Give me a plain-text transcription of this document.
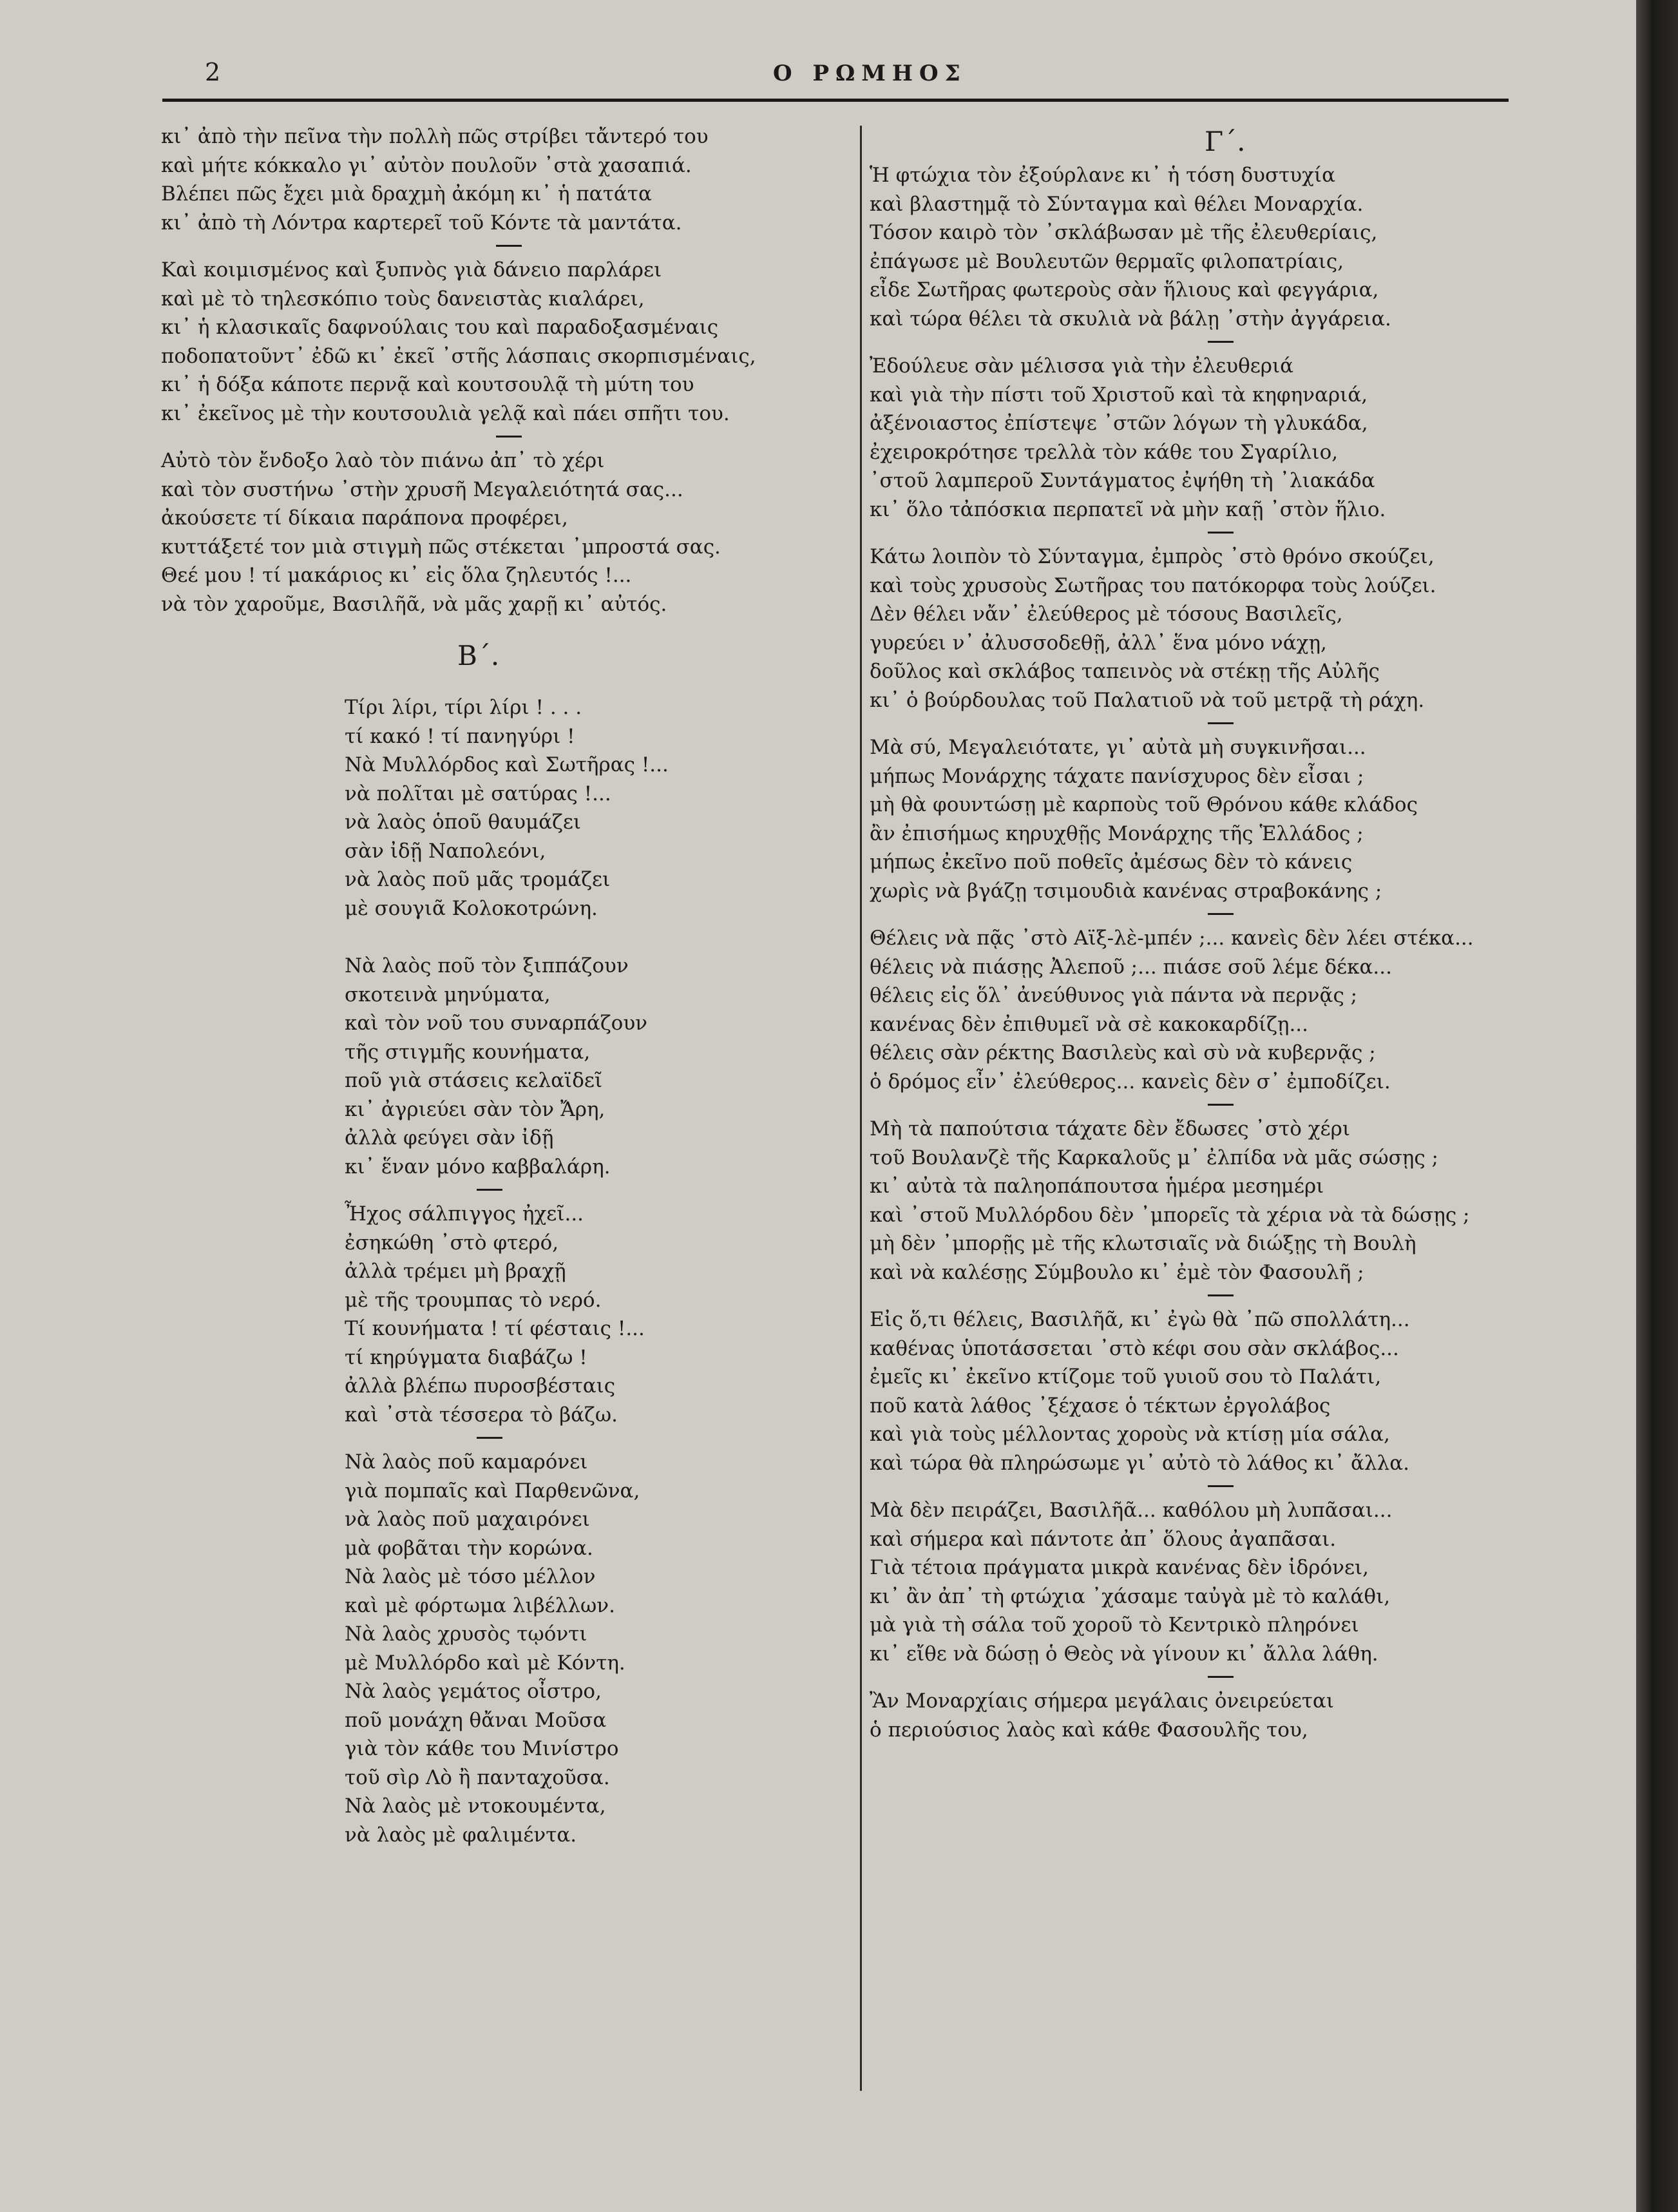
2	Ο ΡΩΜΗΟΣ
κι᾿ ἀπὸ τὴν πεῖνα τὴν πολλὴ πῶς στρίβει τἄντερό του
καὶ μήτε κόκκαλο γι᾿ αὐτὸν πουλοῦν ᾿στὰ χασαπιά.
Βλέπει πῶς ἔχει μιὰ δραχμὴ ἀκόμη κι᾿ ἡ πατάτα
κι᾿ ἀπὸ τὴ Λόντρα καρτερεῖ τοῦ Κόντε τὰ μαντάτα.
Καὶ κοιμισμένος καὶ ξυπνὸς γιὰ δάνειο παρλάρει
καὶ μὲ τὸ τηλεσκόπιο τοὺς δανειστὰς κιαλάρει,
κι᾿ ἡ κλασικαῖς δαφνούλαις του καὶ παραδοξασμέναις
ποδοπατοῦντ᾿ ἐδῶ κι᾿ ἐκεῖ ᾿στῆς λάσπαις σκορπισμέναις,
κι᾿ ἡ δόξα κάποτε περνᾷ καὶ κουτσουλᾷ τὴ μύτη του
κι᾿ ἐκεῖνος μὲ τὴν κουτσουλιὰ γελᾷ καὶ πάει σπῆτι του.
Αὐτὸ τὸν ἔνδοξο λαὸ τὸν πιάνω ἀπ᾿ τὸ χέρι
καὶ τὸν συστήνω ᾿στὴν χρυσῆ Μεγαλειότητά σας...
ἀκούσετε τί δίκαια παράπονα προφέρει,
κυττάξετέ τον μιὰ στιγμὴ πῶς στέκεται ᾿μπροστά σας.
Θεέ μου ! τί μακάριος κι᾿ εἰς ὅλα ζηλευτός !...
νὰ τὸν χαροῦμε, Βασιλῆᾶ, νὰ μᾶς χαρῇ κι᾿ αὐτός.
Β΄.
Τίρι λίρι, τίρι λίρι ! . . .
τί κακό ! τί πανηγύρι !
Νὰ Μυλλόρδος καὶ Σωτῆρας !...
νὰ πολῖται μὲ σατύρας !...
νὰ λαὸς ὁποῦ θαυμάζει
σὰν ἰδῇ Ναπολεόνι,
νὰ λαὸς ποῦ μᾶς τρομάζει
μὲ σουγιᾶ Κολοκοτρώνη.
Νὰ λαὸς ποῦ τὸν ξιππάζουν
σκοτεινὰ μηνύματα,
καὶ τὸν νοῦ του συναρπάζουν
τῆς στιγμῆς κουνήματα,
ποῦ γιὰ στάσεις κελαϊδεῖ
κι᾿ ἀγριεύει σὰν τὸν Ἄρη,
ἀλλὰ φεύγει σὰν ἰδῇ
κι᾿ ἕναν μόνο καββαλάρη.
Ἦχος σάλπιγγος ἠχεῖ...
ἐσηκώθη ᾿στὸ φτερό,
ἀλλὰ τρέμει μὴ βραχῇ
μὲ τῆς τρουμπας τὸ νερό.
Τί κουνήματα ! τί φέσταις !...
τί κηρύγματα διαβάζω !
ἀλλὰ βλέπω πυροσβέσταις
καὶ ᾿στὰ τέσσερα τὸ βάζω.
Νὰ λαὸς ποῦ καμαρόνει
γιὰ πομπαῖς καὶ Παρθενῶνα,
νὰ λαὸς ποῦ μαχαιρόνει
μὰ φοβᾶται τὴν κορώνα.
Νὰ λαὸς μὲ τόσο μέλλον
καὶ μὲ φόρτωμα λιβέλλων.
Νὰ λαὸς χρυσὸς τῳόντι
μὲ Μυλλόρδο καὶ μὲ Κόντη.
Νὰ λαὸς γεμάτος οἶστρο,
ποῦ μονάχη θἄναι Μοῦσα
γιὰ τὸν κάθε του Μινίστρο
τοῦ σὶρ Λὸ ἢ πανταχοῦσα.
Νὰ λαὸς μὲ ντοκουμέντα,
νὰ λαὸς μὲ φαλιμέντα.
Γ΄.
Ἡ φτώχια τὸν ἐξούρλανε κι᾿ ἡ τόση δυστυχία
καὶ βλαστημᾷ τὸ Σύνταγμα καὶ θέλει Μοναρχία.
Τόσον καιρὸ τὸν ᾿σκλάβωσαν μὲ τῆς ἐλευθερίαις,
ἐπάγωσε μὲ Βουλευτῶν θερμαῖς φιλοπατρίαις,
εἶδε Σωτῆρας φωτεροὺς σὰν ἥλιους καὶ φεγγάρια,
καὶ τώρα θέλει τὰ σκυλιὰ νὰ βάλῃ ᾿στὴν ἀγγάρεια.
Ἐδούλευε σὰν μέλισσα γιὰ τὴν ἐλευθεριά
καὶ γιὰ τὴν πίστι τοῦ Χριστοῦ καὶ τὰ κηφηναριά,
ἀξένοιαστος ἐπίστεψε ᾿στῶν λόγων τὴ γλυκάδα,
ἐχειροκρότησε τρελλὰ τὸν κάθε του Σγαρίλιο,
᾿στοῦ λαμπεροῦ Συντάγματος ἐψήθη τὴ ᾿λιακάδα
κι᾿ ὅλο τἀπόσκια περπατεῖ νὰ μὴν καῇ ᾿στὸν ἥλιο.
Κάτω λοιπὸν τὸ Σύνταγμα, ἐμπρὸς ᾿στὸ θρόνο σκούζει,
καὶ τοὺς χρυσοὺς Σωτῆρας του πατόκορφα τοὺς λούζει.
Δὲν θέλει νἄν᾿ ἐλεύθερος μὲ τόσους Βασιλεῖς,
γυρεύει ν᾿ ἀλυσσοδεθῇ, ἀλλ᾿ ἕνα μόνο νάχῃ,
δοῦλος καὶ σκλάβος ταπεινὸς νὰ στέκῃ τῆς Αὐλῆς
κι᾿ ὁ βούρδουλας τοῦ Παλατιοῦ νὰ τοῦ μετρᾷ τὴ ράχη.
Μὰ σύ, Μεγαλειότατε, γι᾿ αὐτὰ μὴ συγκινῆσαι...
μήπως Μονάρχης τάχατε πανίσχυρος δὲν εἶσαι ;
μὴ θὰ φουντώσῃ μὲ καρποὺς τοῦ Θρόνου κάθε κλάδος
ἂν ἐπισήμως κηρυχθῇς Μονάρχης τῆς Ἑλλάδος ;
μήπως ἐκεῖνο ποῦ ποθεῖς ἀμέσως δὲν τὸ κάνεις
χωρὶς νὰ βγάζῃ τσιμουδιὰ κανένας στραβοκάνης ;
Θέλεις νὰ πᾷς ᾿στὸ Αϊξ-λὲ-μπέν ;... κανεὶς δὲν λέει στέκα...
θέλεις νὰ πιάσῃς Ἀλεποῦ ;... πιάσε σοῦ λέμε δέκα...
θέλεις εἰς ὅλ᾿ ἀνεύθυνος γιὰ πάντα νὰ περνᾷς ;
κανένας δὲν ἐπιθυμεῖ νὰ σὲ κακοκαρδίζῃ...
θέλεις σὰν ρέκτης Βασιλεὺς καὶ σὺ νὰ κυβερνᾷς ;
ὁ δρόμος εἶν᾿ ἐλεύθερος... κανεὶς δὲν σ᾿ ἐμποδίζει.
Μὴ τὰ παπούτσια τάχατε δὲν ἔδωσες ᾿στὸ χέρι
τοῦ Βουλανζὲ τῆς Καρκαλοῦς μ᾿ ἐλπίδα νὰ μᾶς σώσῃς ;
κι᾿ αὐτὰ τὰ παληοπάπουτσα ἡμέρα μεσημέρι
καὶ ᾿στοῦ Μυλλόρδου δὲν ᾿μπορεῖς τὰ χέρια νὰ τὰ δώσῃς ;
μὴ δὲν ᾿μπορῇς μὲ τῆς κλωτσιαῖς νὰ διώξῃς τὴ Βουλὴ
καὶ νὰ καλέσῃς Σύμβουλο κι᾿ ἐμὲ τὸν Φασουλῆ ;
Εἰς ὅ,τι θέλεις, Βασιλῆᾶ, κι᾿ ἐγὼ θὰ ᾿πῶ σπολλάτη...
καθένας ὑποτάσσεται ᾿στὸ κέφι σου σὰν σκλάβος...
ἐμεῖς κι᾿ ἐκεῖνο κτίζομε τοῦ γυιοῦ σου τὸ Παλάτι,
ποῦ κατὰ λάθος ᾿ξέχασε ὁ τέκτων ἐργολάβος
καὶ γιὰ τοὺς μέλλοντας χοροὺς νὰ κτίσῃ μία σάλα,
καὶ τώρα θὰ πληρώσωμε γι᾿ αὐτὸ τὸ λάθος κι᾿ ἄλλα.
Μὰ δὲν πειράζει, Βασιλῆᾶ... καθόλου μὴ λυπᾶσαι...
καὶ σήμερα καὶ πάντοτε ἀπ᾿ ὅλους ἀγαπᾶσαι.
Γιὰ τέτοια πράγματα μικρὰ κανένας δὲν ἱδρόνει,
κι᾿ ἂν ἀπ᾿ τὴ φτώχια ᾿χάσαμε ταὐγὰ μὲ τὸ καλάθι,
μὰ γιὰ τὴ σάλα τοῦ χοροῦ τὸ Κεντρικὸ πληρόνει
κι᾿ εἴθε νὰ δώσῃ ὁ Θεὸς νὰ γίνουν κι᾿ ἄλλα λάθη.
Ἂν Μοναρχίαις σήμερα μεγάλαις ὀνειρεύεται
ὁ περιούσιος λαὸς καὶ κάθε Φασουλῆς του,
